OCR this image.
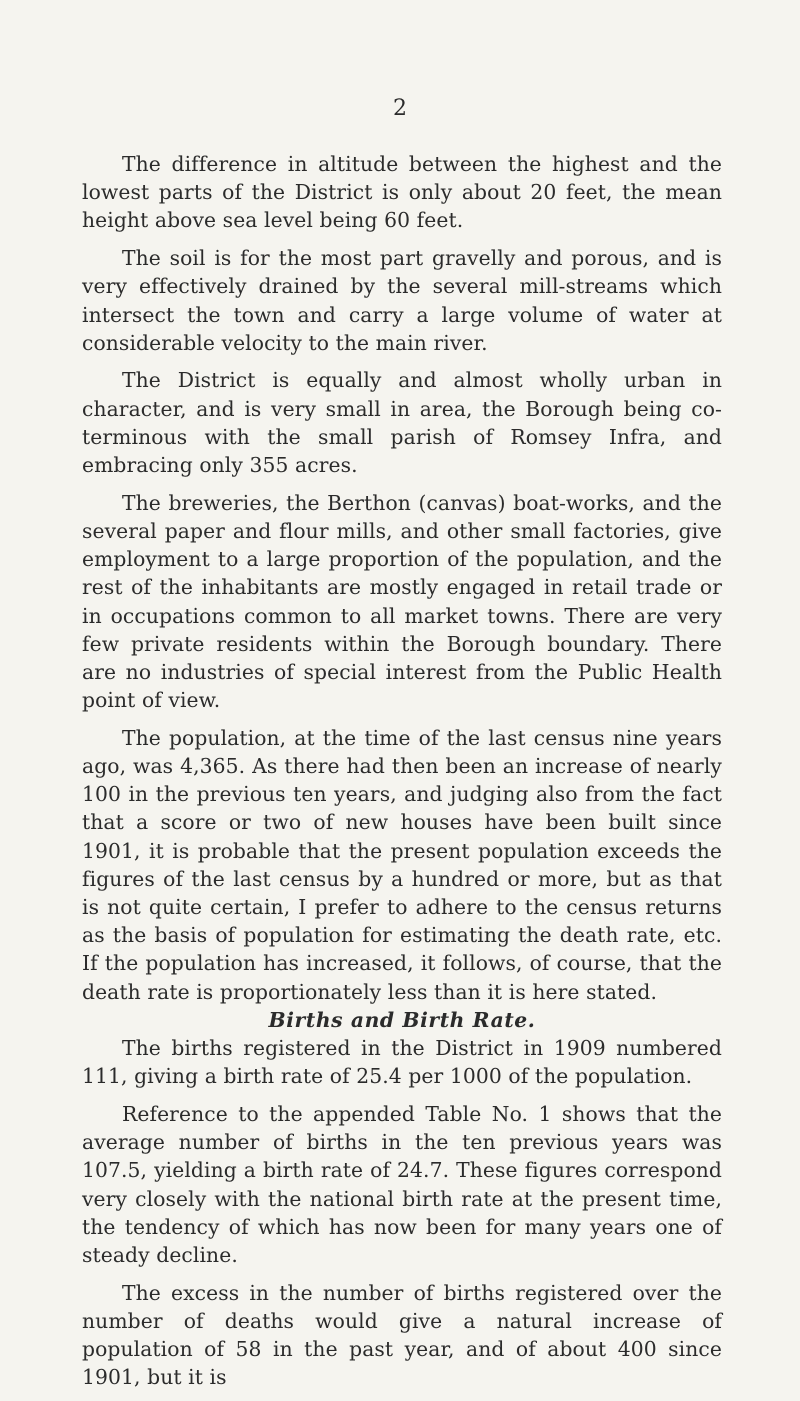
2

The difference in altitude between the highest and the lowest parts of the District is only about 20 feet, the mean height above sea level being 60 feet.

The soil is for the most part gravelly and porous, and is very effectively drained by the several mill-streams which intersect the town and carry a large volume of water at considerable velocity to the main river.

The District is equally and almost wholly urban in character, and is very small in area, the Borough being co-terminous with the small parish of Romsey Infra, and embracing only 355 acres.

The breweries, the Berthon (canvas) boat-works, and the several paper and flour mills, and other small factories, give employment to a large proportion of the population, and the rest of the inhabitants are mostly engaged in retail trade or in occupations common to all market towns. There are very few private residents within the Borough boundary. There are no industries of special interest from the Public Health point of view.

The population, at the time of the last census nine years ago, was 4,365. As there had then been an increase of nearly 100 in the previous ten years, and judging also from the fact that a score or two of new houses have been built since 1901, it is probable that the present population exceeds the figures of the last census by a hundred or more, but as that is not quite certain, I prefer to adhere to the census returns as the basis of population for estimating the death rate, etc. If the population has increased, it follows, of course, that the death rate is proportionately less than it is here stated.

Births and Birth Rate.

The births registered in the District in 1909 numbered 111, giving a birth rate of 25.4 per 1000 of the population.

Reference to the appended Table No. 1 shows that the average number of births in the ten previous years was 107.5, yielding a birth rate of 24.7. These figures correspond very closely with the national birth rate at the present time, the tendency of which has now been for many years one of steady decline.

The excess in the number of births registered over the number of deaths would give a natural increase of population of 58 in the past year, and of about 400 since 1901, but it is
